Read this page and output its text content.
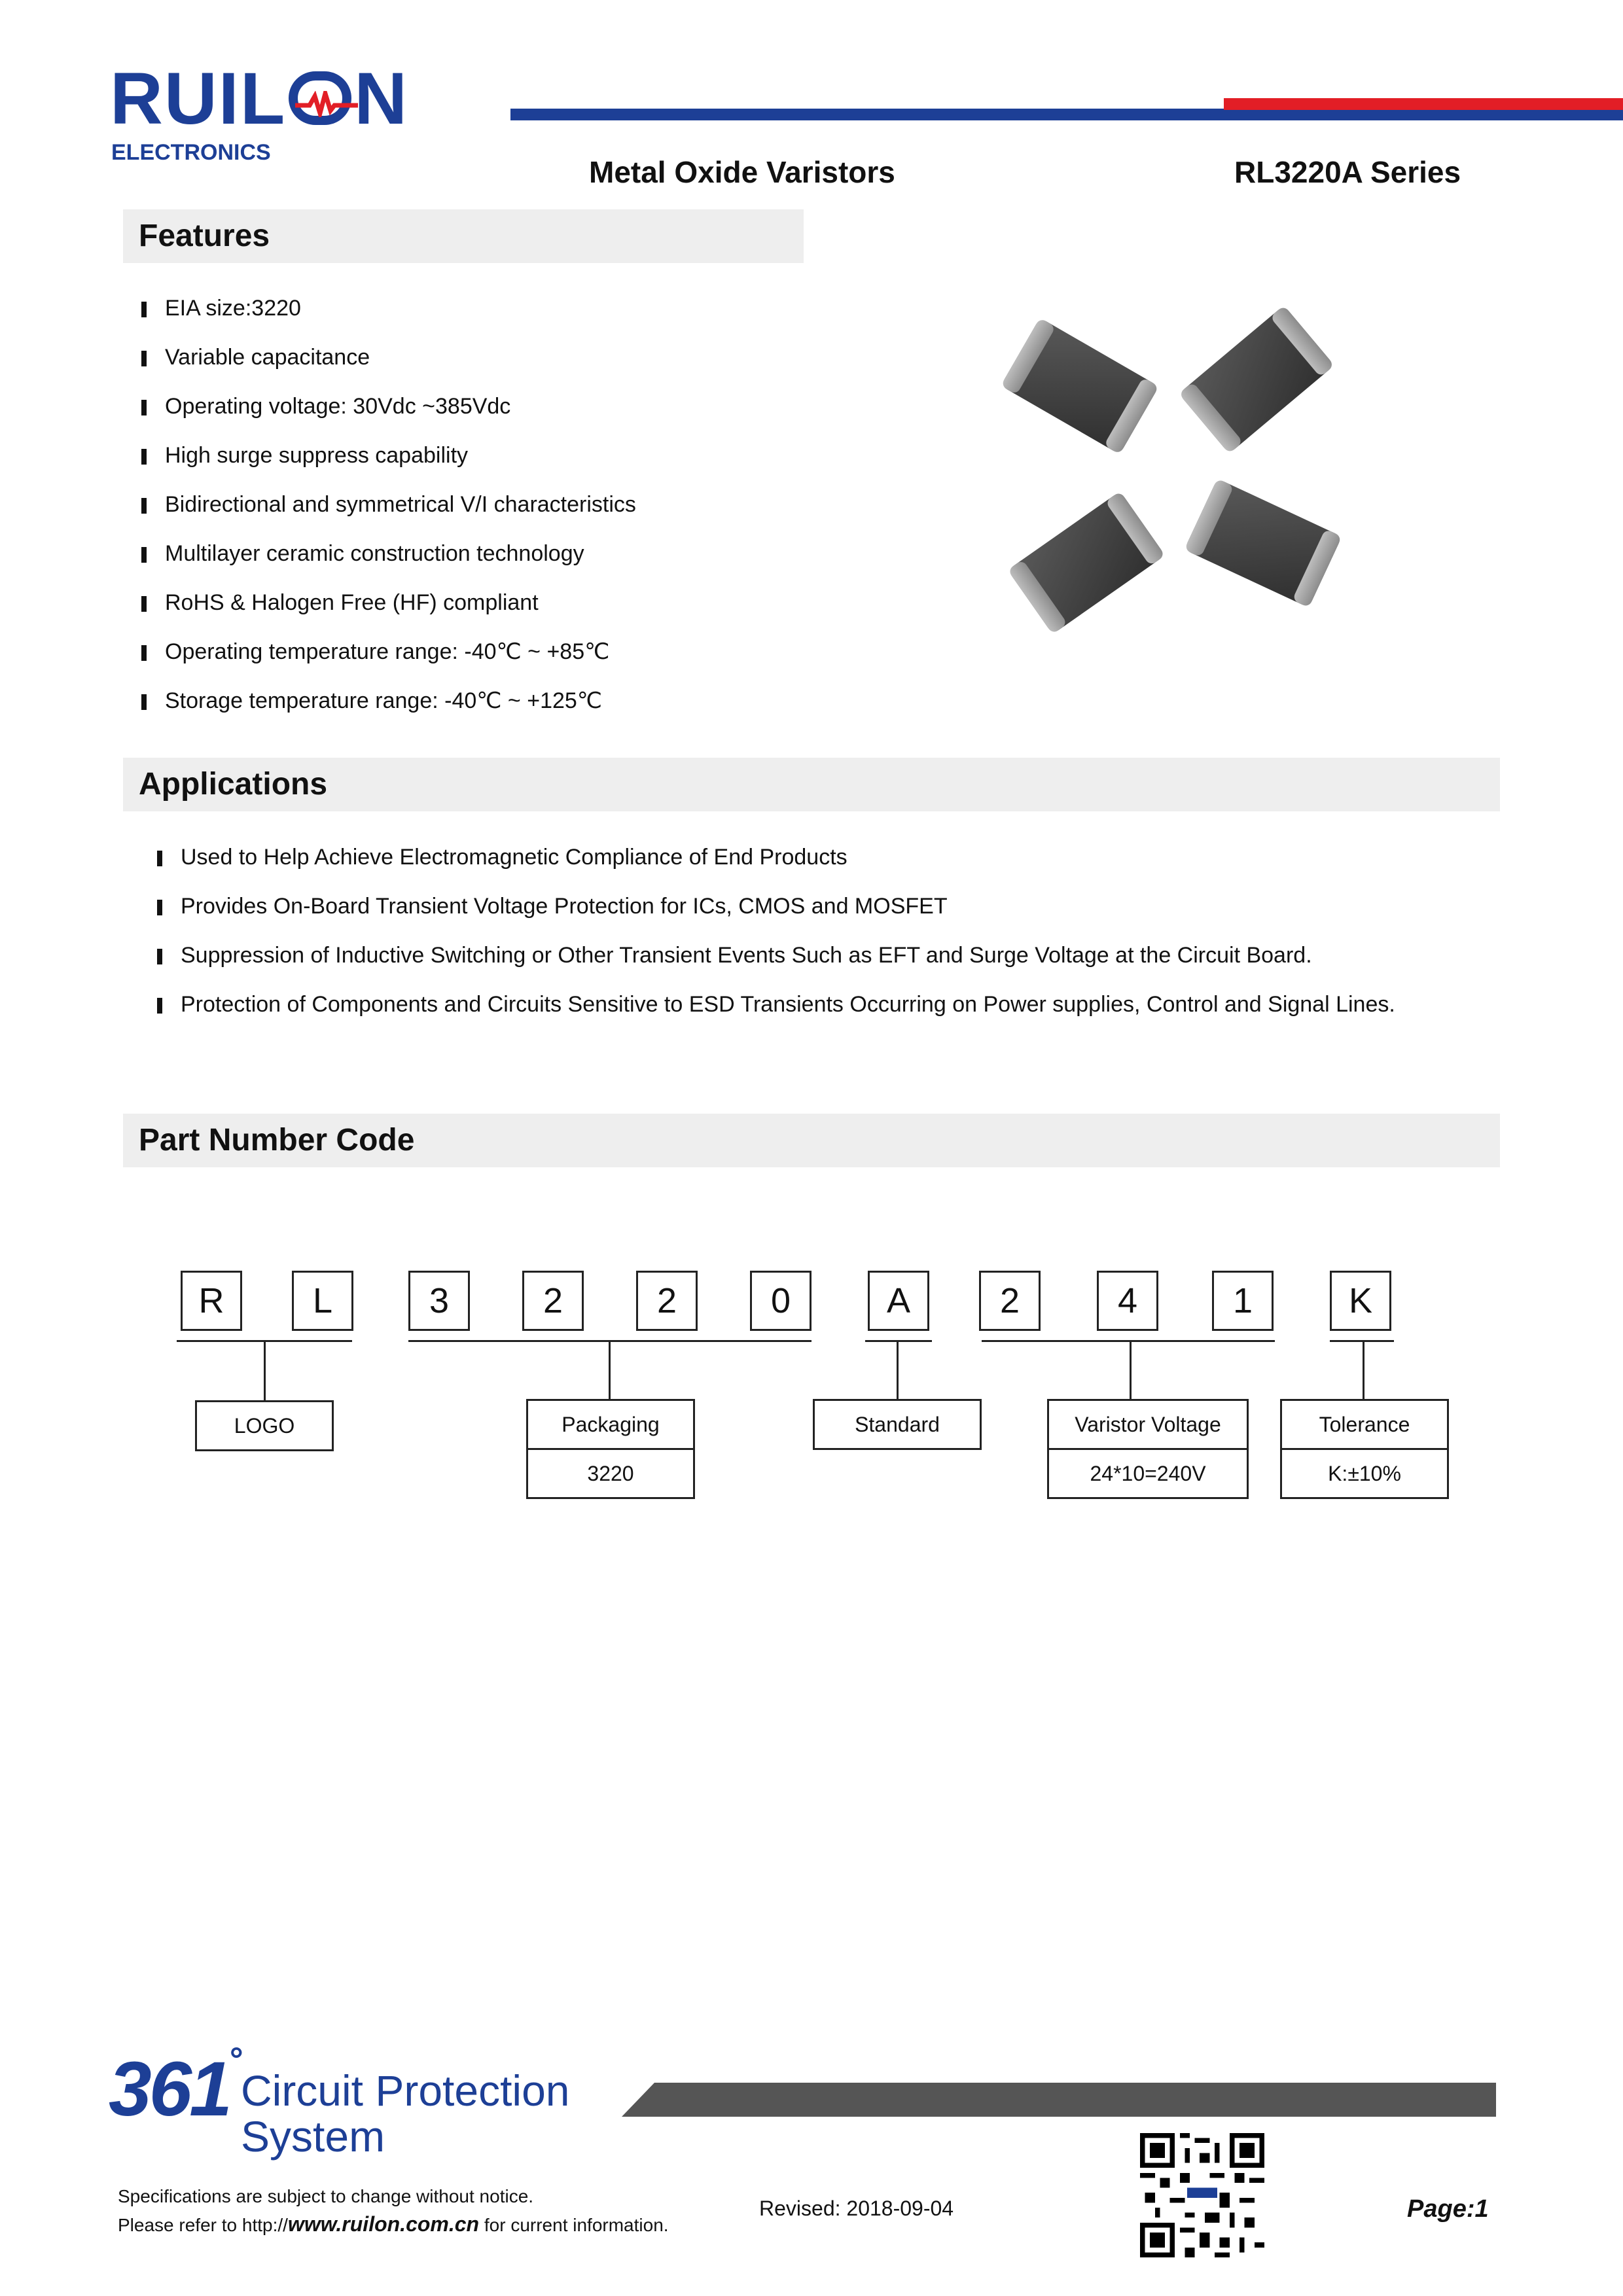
RUIL N
ELECTRONICS
Metal Oxide Varistors	RL3220A Series
Features
EIA size:3220
Variable capacitance
Operating voltage: 30Vdc ~385Vdc
High surge suppress capability
Bidirectional and symmetrical V/I characteristics
Multilayer ceramic construction technology
RoHS & Halogen Free (HF) compliant
Operating temperature range: -40℃ ~ +85℃
Storage temperature range: -40℃ ~ +125℃
Applications
Used to Help Achieve Electromagnetic Compliance of End Products
Provides On-Board Transient Voltage Protection for ICs, CMOS and MOSFET
Suppression of Inductive Switching or Other Transient Events Such as EFT and Surge Voltage at the Circuit Board.
Protection of Components and Circuits Sensitive to ESD Transients Occurring on Power supplies, Control and Signal Lines.
Part Number Code
R	L	3	2	2	0	A	2	4	1	K
LOGO	Packaging
3220
Standard	Varistor Voltage
24*10=240V
Tolerance
K:±10%
361°
Circuit Protection
System
Specifications are subject to change without notice.
Please refer to http://www.ruilon.com.cn for current information.
Revised: 2018-09-04	Page:1
